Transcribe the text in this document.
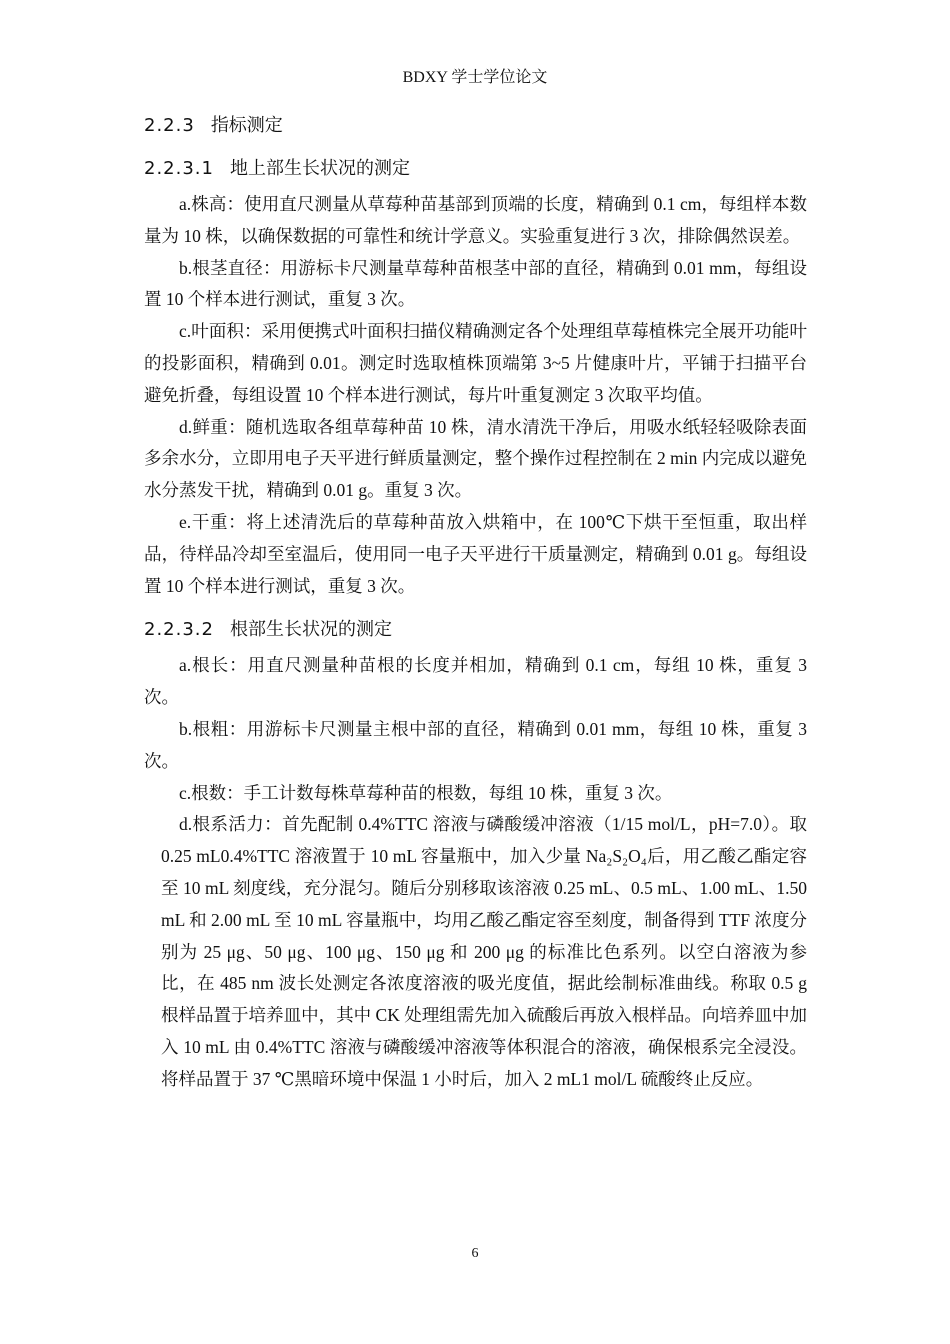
BDXY 学士学位论文
2.2.3 指标测定
2.2.3.1 地上部生长状况的测定

a.株高：使用直尺测量从草莓种苗基部到顶端的长度，精确到 0.1 cm，每组样本数量为 10 株，以确保数据的可靠性和统计学意义。实验重复进行 3 次，排除偶然误差。

b.根茎直径：用游标卡尺测量草莓种苗根茎中部的直径，精确到 0.01 mm，每组设置 10 个样本进行测试，重复 3 次。

c.叶面积：采用便携式叶面积扫描仪精确测定各个处理组草莓植株完全展开功能叶的投影面积，精确到 0.01。测定时选取植株顶端第 3~5 片健康叶片，平铺于扫描平台避免折叠，每组设置 10 个样本进行测试，每片叶重复测定 3 次取平均值。

d.鲜重：随机选取各组草莓种苗 10 株，清水清洗干净后，用吸水纸轻轻吸除表面多余水分，立即用电子天平进行鲜质量测定，整个操作过程控制在 2 min 内完成以避免水分蒸发干扰，精确到 0.01 g。重复 3 次。

e.干重：将上述清洗后的草莓种苗放入烘箱中，在 100℃下烘干至恒重，取出样品，待样品冷却至室温后，使用同一电子天平进行干质量测定，精确到 0.01 g。每组设置 10 个样本进行测试，重复 3 次。

2.2.3.2 根部生长状况的测定

a.根长：用直尺测量种苗根的长度并相加，精确到 0.1 cm，每组 10 株，重复 3 次。

b.根粗：用游标卡尺测量主根中部的直径，精确到 0.01 mm，每组 10 株，重复 3 次。

c.根数：手工计数每株草莓种苗的根数，每组 10 株，重复 3 次。

d.根系活力：首先配制 0.4%TTC 溶液与磷酸缓冲溶液（1/15 mol/L，pH=7.0）。取 0.25 mL0.4%TTC 溶液置于 10 mL 容量瓶中，加入少量 Na₂S₂O₄后，用乙酸乙酯定容至 10 mL 刻度线，充分混匀。随后分别移取该溶液 0.25 mL、0.5 mL、1.00 mL、1.50 mL 和 2.00 mL 至 10 mL 容量瓶中，均用乙酸乙酯定容至刻度，制备得到 TTF 浓度分别为 25 μg、50 μg、100 μg、150 μg 和 200 μg 的标准比色系列。以空白溶液为参比，在 485 nm 波长处测定各浓度溶液的吸光度值，据此绘制标准曲线。称取 0.5 g 根样品置于培养皿中，其中 CK 处理组需先加入硫酸后再放入根样品。向培养皿中加入 10 mL 由 0.4%TTC 溶液与磷酸缓冲溶液等体积混合的溶液，确保根系完全浸没。将样品置于 37 ℃黑暗环境中保温 1 小时后，加入 2 mL1 mol/L 硫酸终止反应。

6
